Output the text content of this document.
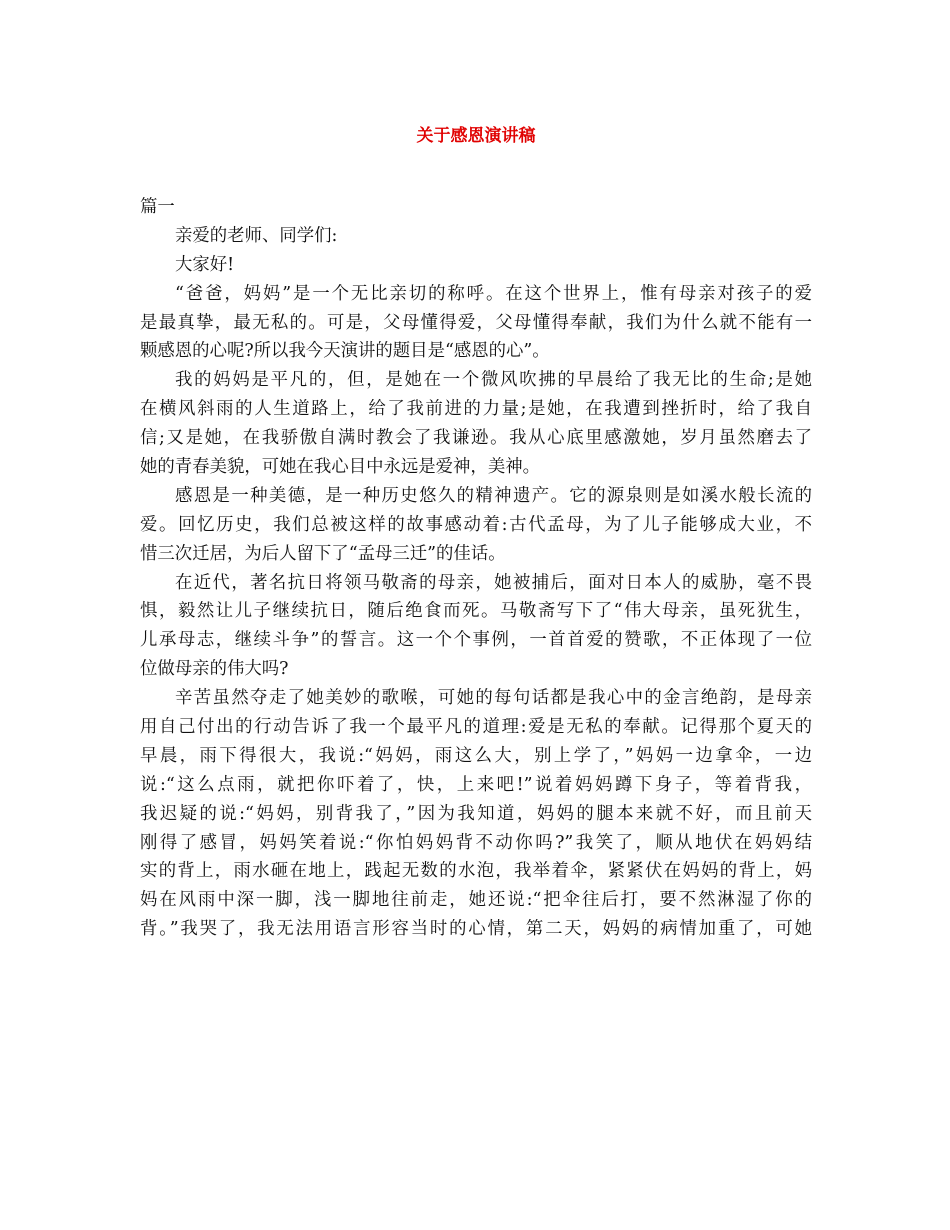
关于感恩演讲稿

篇一

亲爱的老师、同学们:

大家好!

“爸爸，妈妈”是一个无比亲切的称呼。在这个世界上，惟有母亲对孩子的爱

是最真挚，最无私的。可是，父母懂得爱，父母懂得奉献，我们为什么就不能有一

颗感恩的心呢?所以我今天演讲的题目是“感恩的心”。

我的妈妈是平凡的，但，是她在一个微风吹拂的早晨给了我无比的生命;是她

在横风斜雨的人生道路上，给了我前进的力量;是她，在我遭到挫折时，给了我自

信;又是她，在我骄傲自满时教会了我谦逊。我从心底里感激她，岁月虽然磨去了

她的青春美貌，可她在我心目中永远是爱神，美神。

感恩是一种美德，是一种历史悠久的精神遗产。它的源泉则是如溪水般长流的

爱。回忆历史，我们总被这样的故事感动着:古代孟母，为了儿子能够成大业，不

惜三次迁居，为后人留下了“孟母三迁”的佳话。

在近代，著名抗日将领马敬斋的母亲，她被捕后，面对日本人的威胁，毫不畏

惧，毅然让儿子继续抗日，随后绝食而死。马敬斋写下了“伟大母亲，虽死犹生，

儿承母志，继续斗争”的誓言。这一个个事例，一首首爱的赞歌，不正体现了一位

位做母亲的伟大吗?

辛苦虽然夺走了她美妙的歌喉，可她的每句话都是我心中的金言绝韵，是母亲

用自己付出的行动告诉了我一个最平凡的道理:爱是无私的奉献。记得那个夏天的

早晨，雨下得很大，我说:“妈妈，雨这么大，别上学了，”妈妈一边拿伞，一边

说:“这么点雨，就把你吓着了，快，上来吧!”说着妈妈蹲下身子，等着背我，

我迟疑的说:“妈妈，别背我了，”因为我知道，妈妈的腿本来就不好，而且前天

刚得了感冒，妈妈笑着说:“你怕妈妈背不动你吗?”我笑了，顺从地伏在妈妈结

实的背上，雨水砸在地上，践起无数的水泡，我举着伞，紧紧伏在妈妈的背上，妈

妈在风雨中深一脚，浅一脚地往前走，她还说:“把伞往后打，要不然淋湿了你的

背。”我哭了，我无法用语言形容当时的心情，第二天，妈妈的病情加重了，可她
